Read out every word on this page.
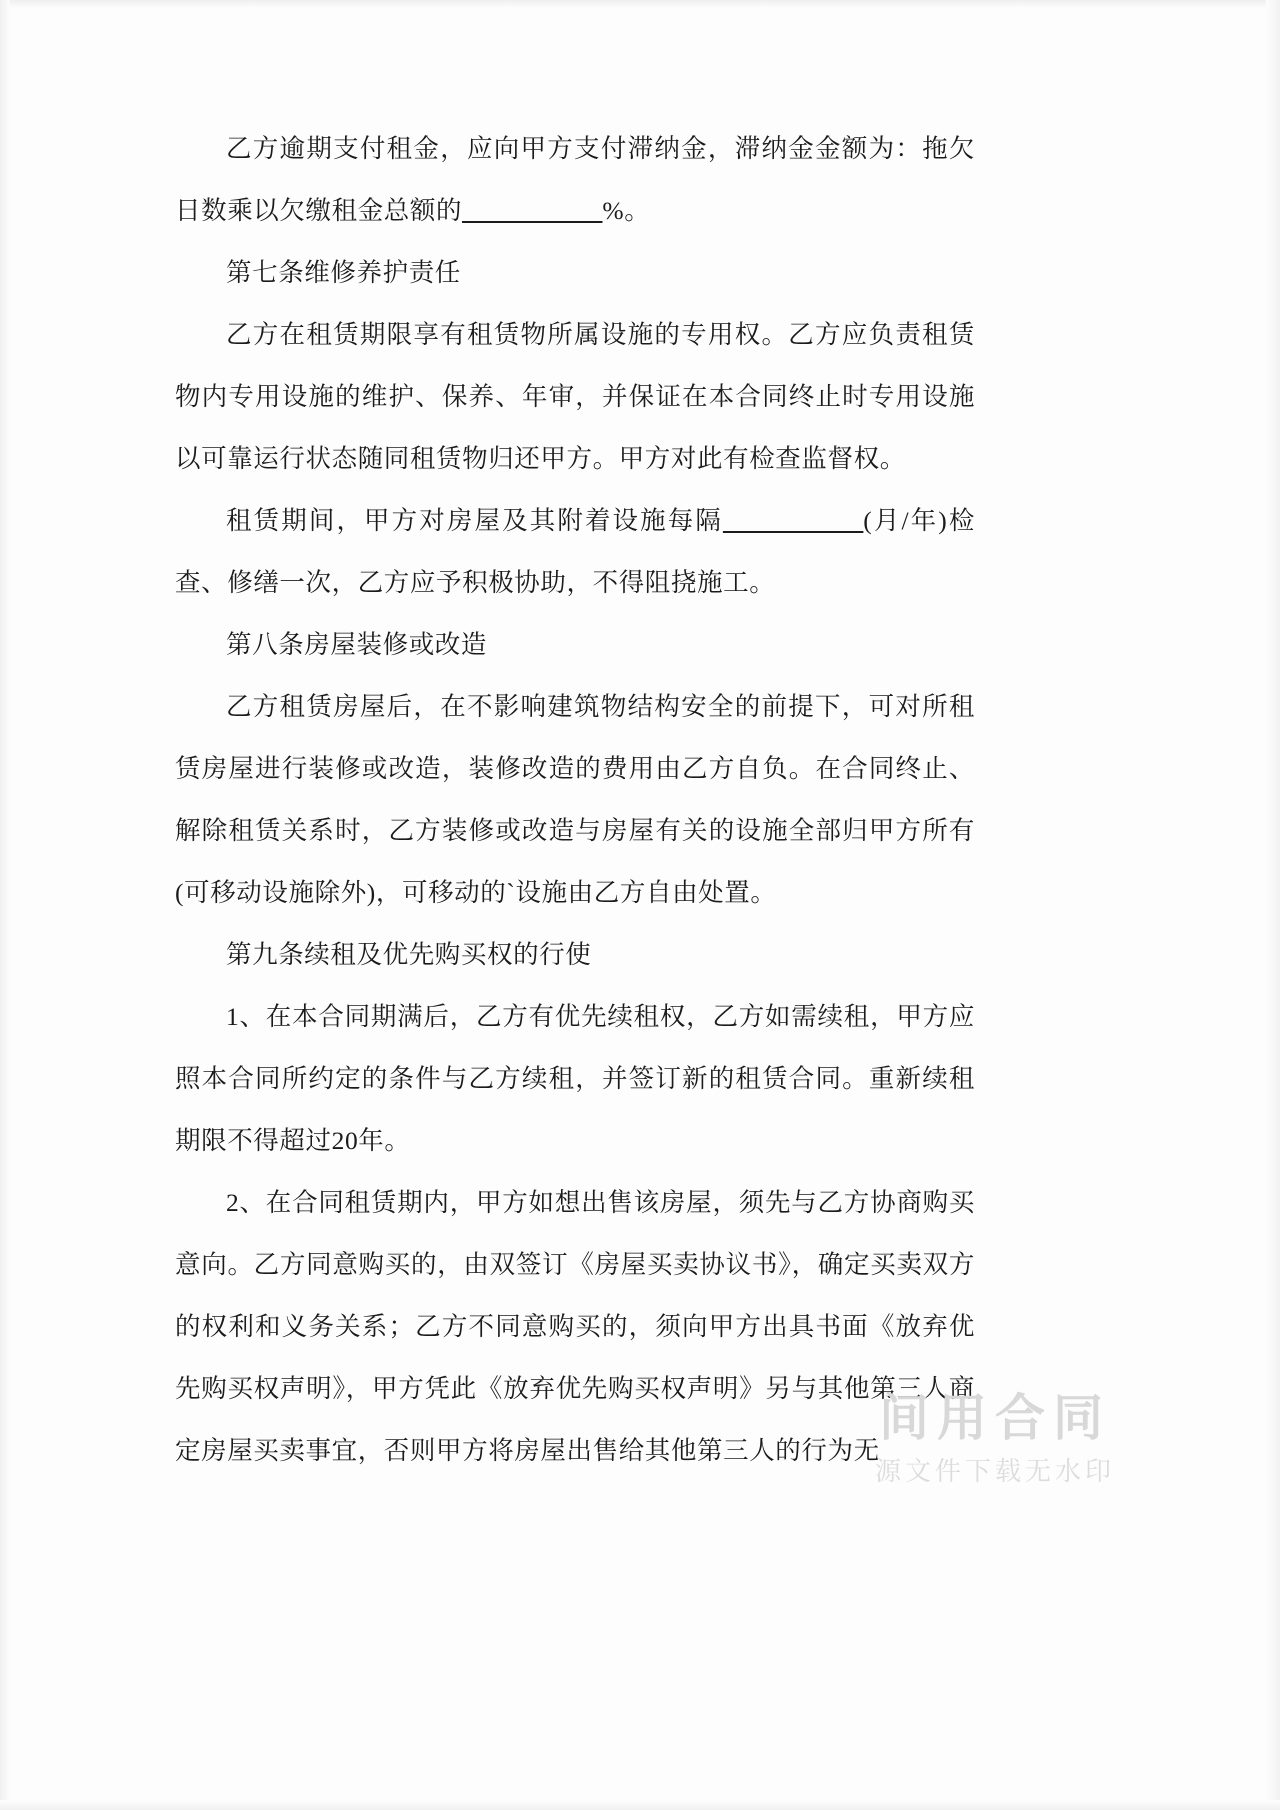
乙方逾期支付租金，应向甲方支付滞纳金，滞纳金金额为：拖欠日数乘以欠缴租金总额的___________%。

第七条维修养护责任

乙方在租赁期限享有租赁物所属设施的专用权。乙方应负责租赁物内专用设施的维护、保养、年审，并保证在本合同终止时专用设施以可靠运行状态随同租赁物归还甲方。甲方对此有检查监督权。

租赁期间，甲方对房屋及其附着设施每隔___________(月/年)检查、修缮一次，乙方应予积极协助，不得阻挠施工。

第八条房屋装修或改造

乙方租赁房屋后，在不影响建筑物结构安全的前提下，可对所租赁房屋进行装修或改造，装修改造的费用由乙方自负。在合同终止、解除租赁关系时，乙方装修或改造与房屋有关的设施全部归甲方所有(可移动设施除外)，可移动的`设施由乙方自由处置。

第九条续租及优先购买权的行使

1、在本合同期满后，乙方有优先续租权，乙方如需续租，甲方应照本合同所约定的条件与乙方续租，并签订新的租赁合同。重新续租期限不得超过20年。

2、在合同租赁期内，甲方如想出售该房屋，须先与乙方协商购买意向。乙方同意购买的，由双签订《房屋买卖协议书》，确定买卖双方的权利和义务关系；乙方不同意购买的，须向甲方出具书面《放弃优先购买权声明》，甲方凭此《放弃优先购买权声明》另与其他第三人商定房屋买卖事宜，否则甲方将房屋出售给其他第三人的行为无

间用合同
源文件下载无水印
